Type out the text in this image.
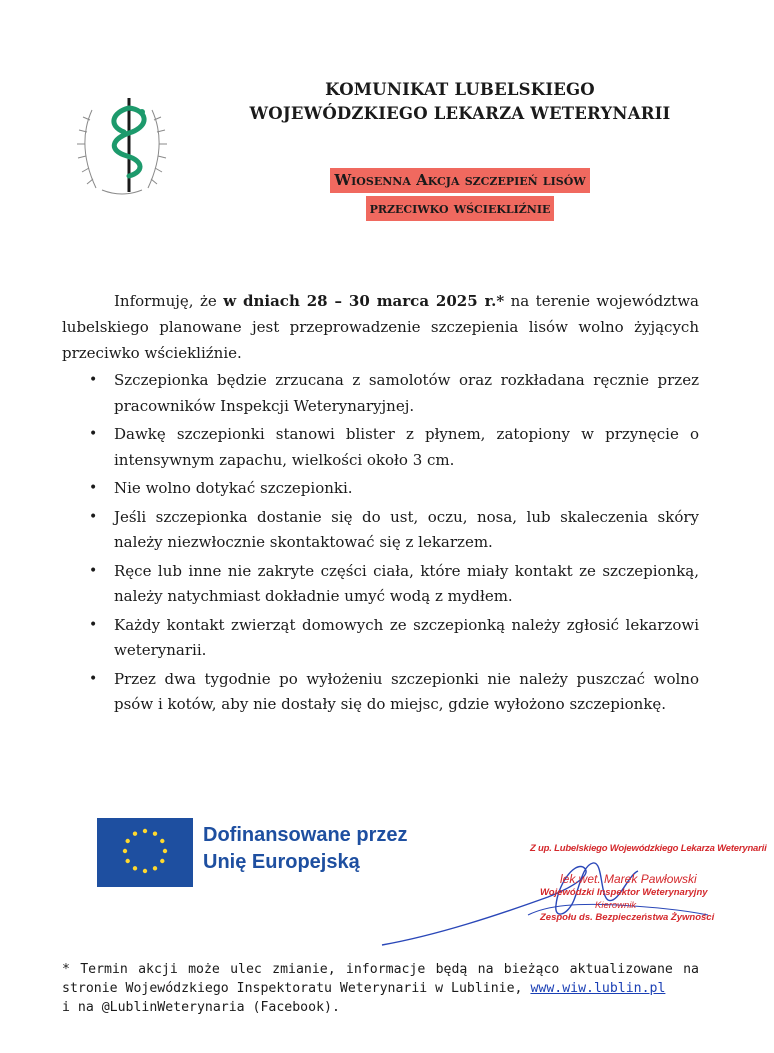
KOMUNIKAT LUBELSKIEGO
WOJEWÓDZKIEGO LEKARZA WETERYNARII
Wiosenna Akcja szczepień lisów
przeciwko wściekliźnie

Informuję, że w dniach 28 – 30 marca 2025 r.* na terenie województwa lubelskiego planowane jest przeprowadzenie szczepienia lisów wolno żyjących przeciwko wściekliźnie.

• Szczepionka będzie zrzucana z samolotów oraz rozkładana ręcznie przez pracowników Inspekcji Weterynaryjnej.
• Dawkę szczepionki stanowi blister z płynem, zatopiony w przynęcie o intensywnym zapachu, wielkości około 3 cm.
• Nie wolno dotykać szczepionki.
• Jeśli szczepionka dostanie się do ust, oczu, nosa, lub skaleczenia skóry należy niezwłocznie skontaktować się z lekarzem.
• Ręce lub inne nie zakryte części ciała, które miały kontakt ze szczepionką, należy natychmiast dokładnie umyć wodą z mydłem.
• Każdy kontakt zwierząt domowych ze szczepionką należy zgłosić lekarzowi weterynarii.
• Przez dwa tygodnie po wyłożeniu szczepionki nie należy puszczać wolno psów i kotów, aby nie dostały się do miejsc, gdzie wyłożono szczepionkę.
Dofinansowane przez
Unię Europejską
Z up. Lubelskiego Wojewódzkiego Lekarza Weterynarii
lek.wet. Marek Pawłowski
Wojewódzki Inspektor Weterynaryjny
Kierownik
Zespołu ds. Bezpieczeństwa Żywności
* Termin akcji może ulec zmianie, informacje będą na bieżąco aktualizowane na stronie Wojewódzkiego Inspektoratu Weterynarii w Lublinie, www.wiw.lublin.pl
i na @LublinWeterynaria (Facebook).
